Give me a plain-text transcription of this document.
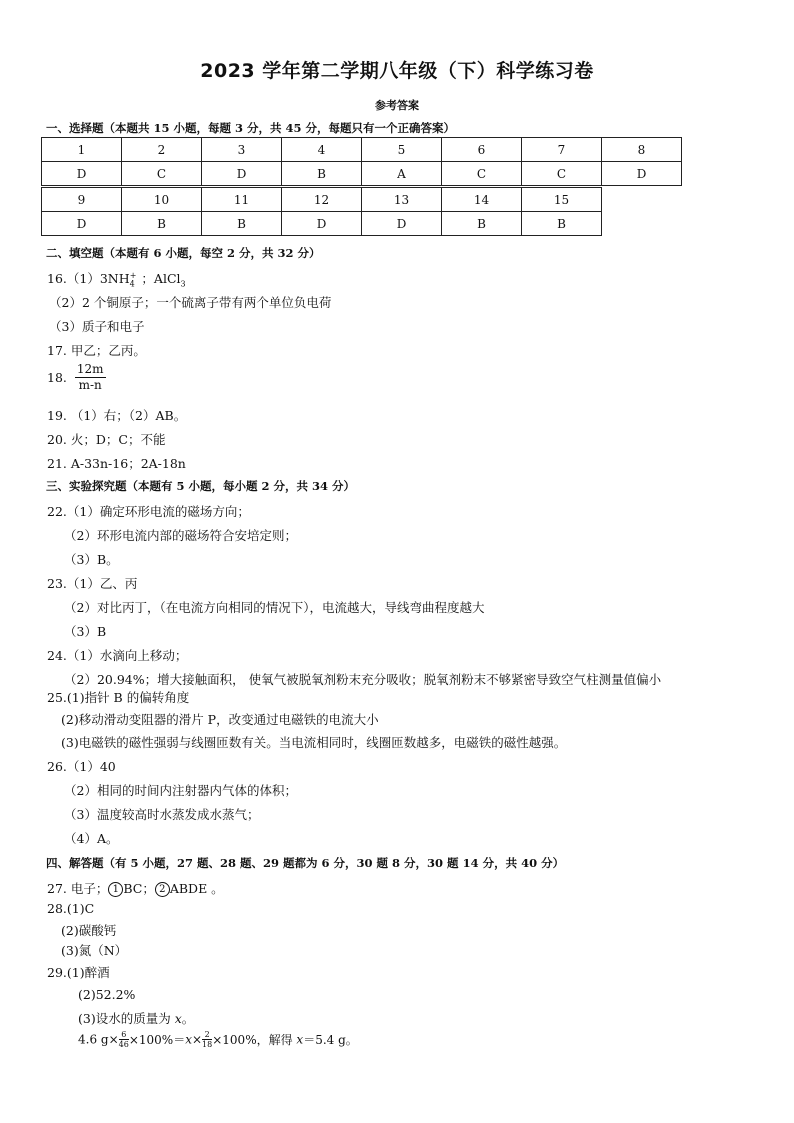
2023 学年第二学期八年级（下）科学练习卷
参考答案
一、选择题（本题共 15 小题，每题 3 分，共 45 分，每题只有一个正确答案）
1	2	3	4	5	6	7	8
D	C	D	B	A	C	C	D
9	10	11	12	13	14	15
D	B	B	D	D	B	B
二、填空题（本题有 6 小题，每空 2 分，共 32 分）
$16.(1)3NH_4^+$ ；AlCl$_3$
（2）2 个铜原子；一个硫离子带有两个单位负电荷
（3）质子和电子
17. 甲乙；乙丙。
18. $\frac{12m}{m-n}$
19. （1）右；（2）AB。
20. 火；D；C；不能
21. A-33n-16；2A-18n
三、实验探究题（本题有 5 小题，每小题 2 分，共 34 分）
22.（1）确定环形电流的磁场方向；
（2）环形电流内部的磁场符合安培定则；
（3）B。
23.（1）乙、丙
（2）对比丙丁，（在电流方向相同的情况下），电流越大，导线弯曲程度越大
（3）B
24.（1）水滴向上移动；
（2）20.94%；增大接触面积， 使氧气被脱氧剂粉末充分吸收；脱氧剂粉末不够紧密导致空气柱测量值偏小
25.(1)指针 B 的偏转角度
(2)移动滑动变阻器的滑片 P，改变通过电磁铁的电流大小
(3)电磁铁的磁性强弱与线圈匝数有关。当电流相同时，线圈匝数越多，电磁铁的磁性越强。
26.（1）40
（2）相同的时间内注射器内气体的体积；
（3）温度较高时水蒸发成水蒸气；
（4）A。
四、解答题（有 5 小题，27 题、28 题、29 题都为 6 分，30 题 8 分，30 题 14 分，共 40 分）
27. 电子； 1 BC； 2 ABDE 。
28.(1)C
(2)碳酸钙
(3)氮（N）
29.(1)醉酒
(2)52.2%
(3)设水的质量为 x。
4.6 $g\times \frac{6}{46} \times 100\%=x\times \frac{2}{18} \times 100\%$，解得 x＝5.4 g。
